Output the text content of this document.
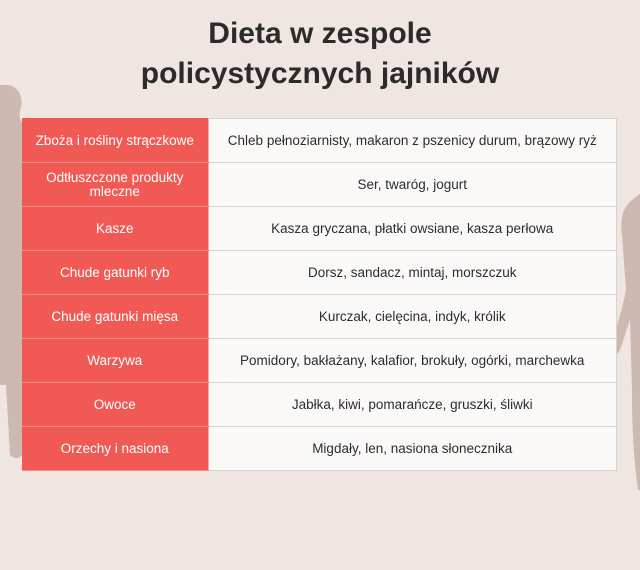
Dieta w zespole
policystycznych jajników
Zboża i rośliny strączkowe	Chleb pełnoziarnisty, makaron z pszenicy durum, brązowy ryż
Odtłuszczone produkty mleczne	Ser, twaróg, jogurt
Kasze	Kasza gryczana, płatki owsiane, kasza perłowa
Chude gatunki ryb	Dorsz, sandacz, mintaj, morszczuk
Chude gatunki mięsa	Kurczak, cielęcina, indyk, królik
Warzywa	Pomidory, bakłażany, kalafior, brokuły, ogórki, marchewka
Owoce	Jabłka, kiwi, pomarańcze, gruszki, śliwki
Orzechy i nasiona	Migdały, len, nasiona słonecznika
